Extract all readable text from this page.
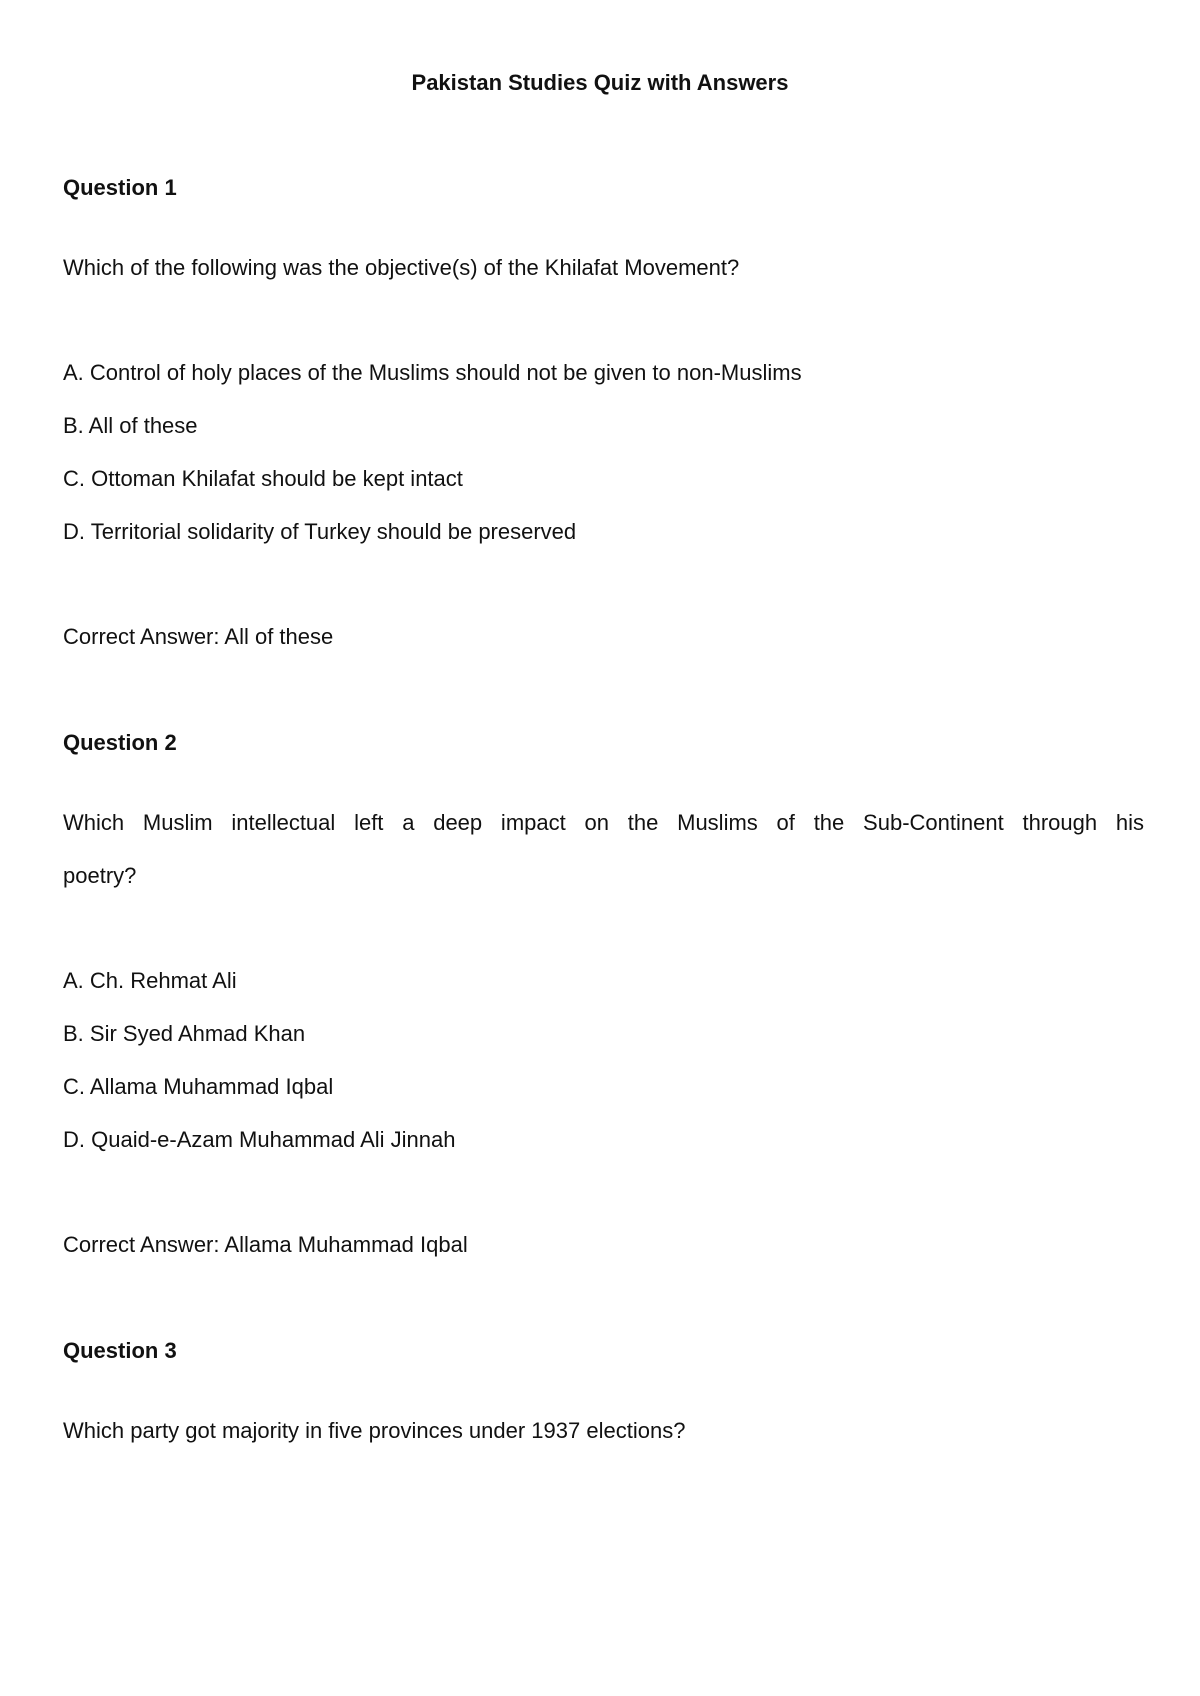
Pakistan Studies Quiz with Answers
Question 1
Which of the following was the objective(s) of the Khilafat Movement?
A. Control of holy places of the Muslims should not be given to non-Muslims
B. All of these
C. Ottoman Khilafat should be kept intact
D. Territorial solidarity of Turkey should be preserved
Correct Answer: All of these
Question 2
Which Muslim intellectual left a deep impact on the Muslims of the Sub-Continent through his
poetry?
A. Ch. Rehmat Ali
B. Sir Syed Ahmad Khan
C. Allama Muhammad Iqbal
D. Quaid-e-Azam Muhammad Ali Jinnah
Correct Answer: Allama Muhammad Iqbal
Question 3
Which party got majority in five provinces under 1937 elections?
